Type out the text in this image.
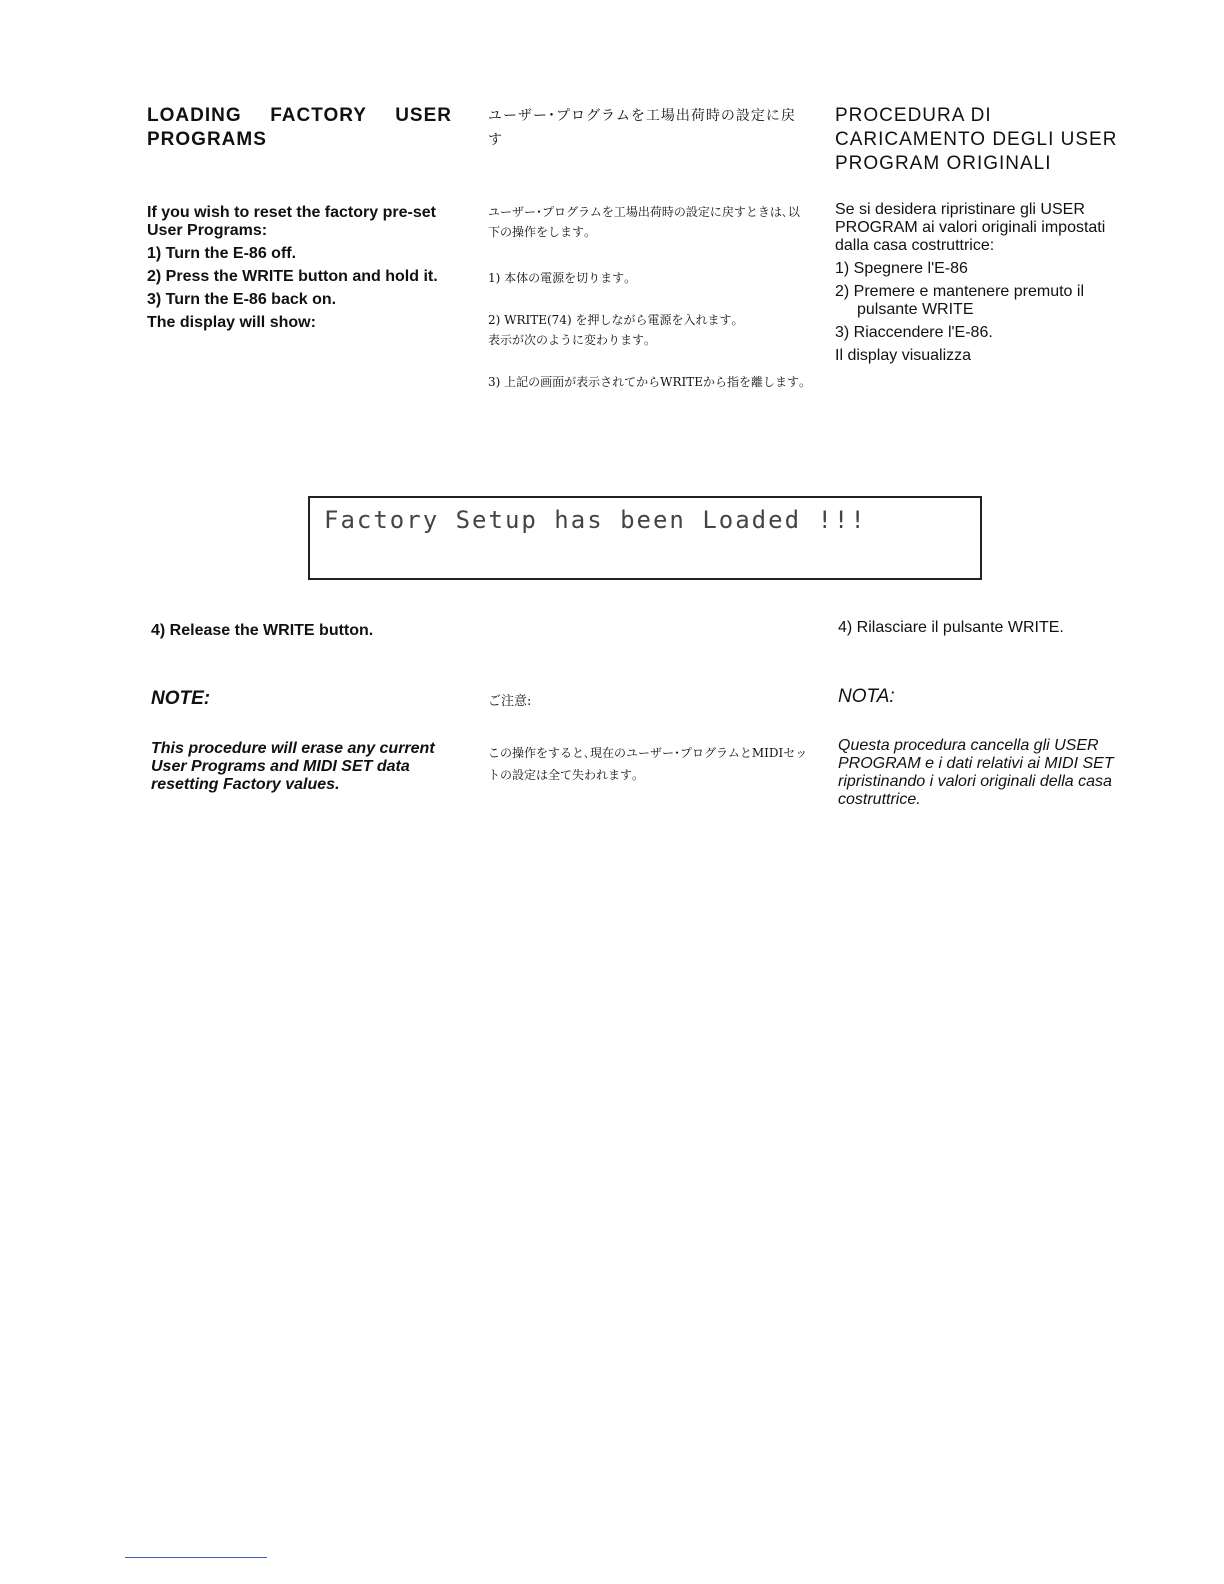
LOADING FACTORY USER PROGRAMS
ユーザー･プログラムを工場出荷時の設定に戻す
PROCEDURA DI CARICAMENTO DEGLI USER PROGRAM ORIGINALI

If you wish to reset the factory pre-set User Programs:

1) Turn the E-86 off.

2) Press the WRITE button and hold it.

3) Turn the E-86 back on.

The display will show:

ユーザー･プログラムを工場出荷時の設定に戻すときは､以下の操作をします｡

1) 本体の電源を切ります｡

2) WRITE(74) を押しながら電源を入れます｡

表示が次のように変わります｡

3) 上記の画面が表示されてからWRITEから指を離します｡

Se si desidera ripristinare gli USER PROGRAM ai valori originali impostati dalla casa costruttrice:

1) Spegnere l'E-86

2) Premere e mantenere premuto il pulsante WRITE

3) Riaccendere l'E-86.

Il display visualizza

Factory Setup has been Loaded !!!
4) Release the WRITE button.	4) Rilasciare il pulsante WRITE.
NOTE:	ご注意:	NOTA:
This procedure will erase any current User Programs and MIDI SET data resetting Factory values.
この操作をすると､現在のユーザー･プログラムとMIDIセットの設定は全て失われます｡
Questa procedura cancella gli USER PROGRAM e i dati relativi ai MIDI SET ripristinando i valori originali della casa costruttrice.
